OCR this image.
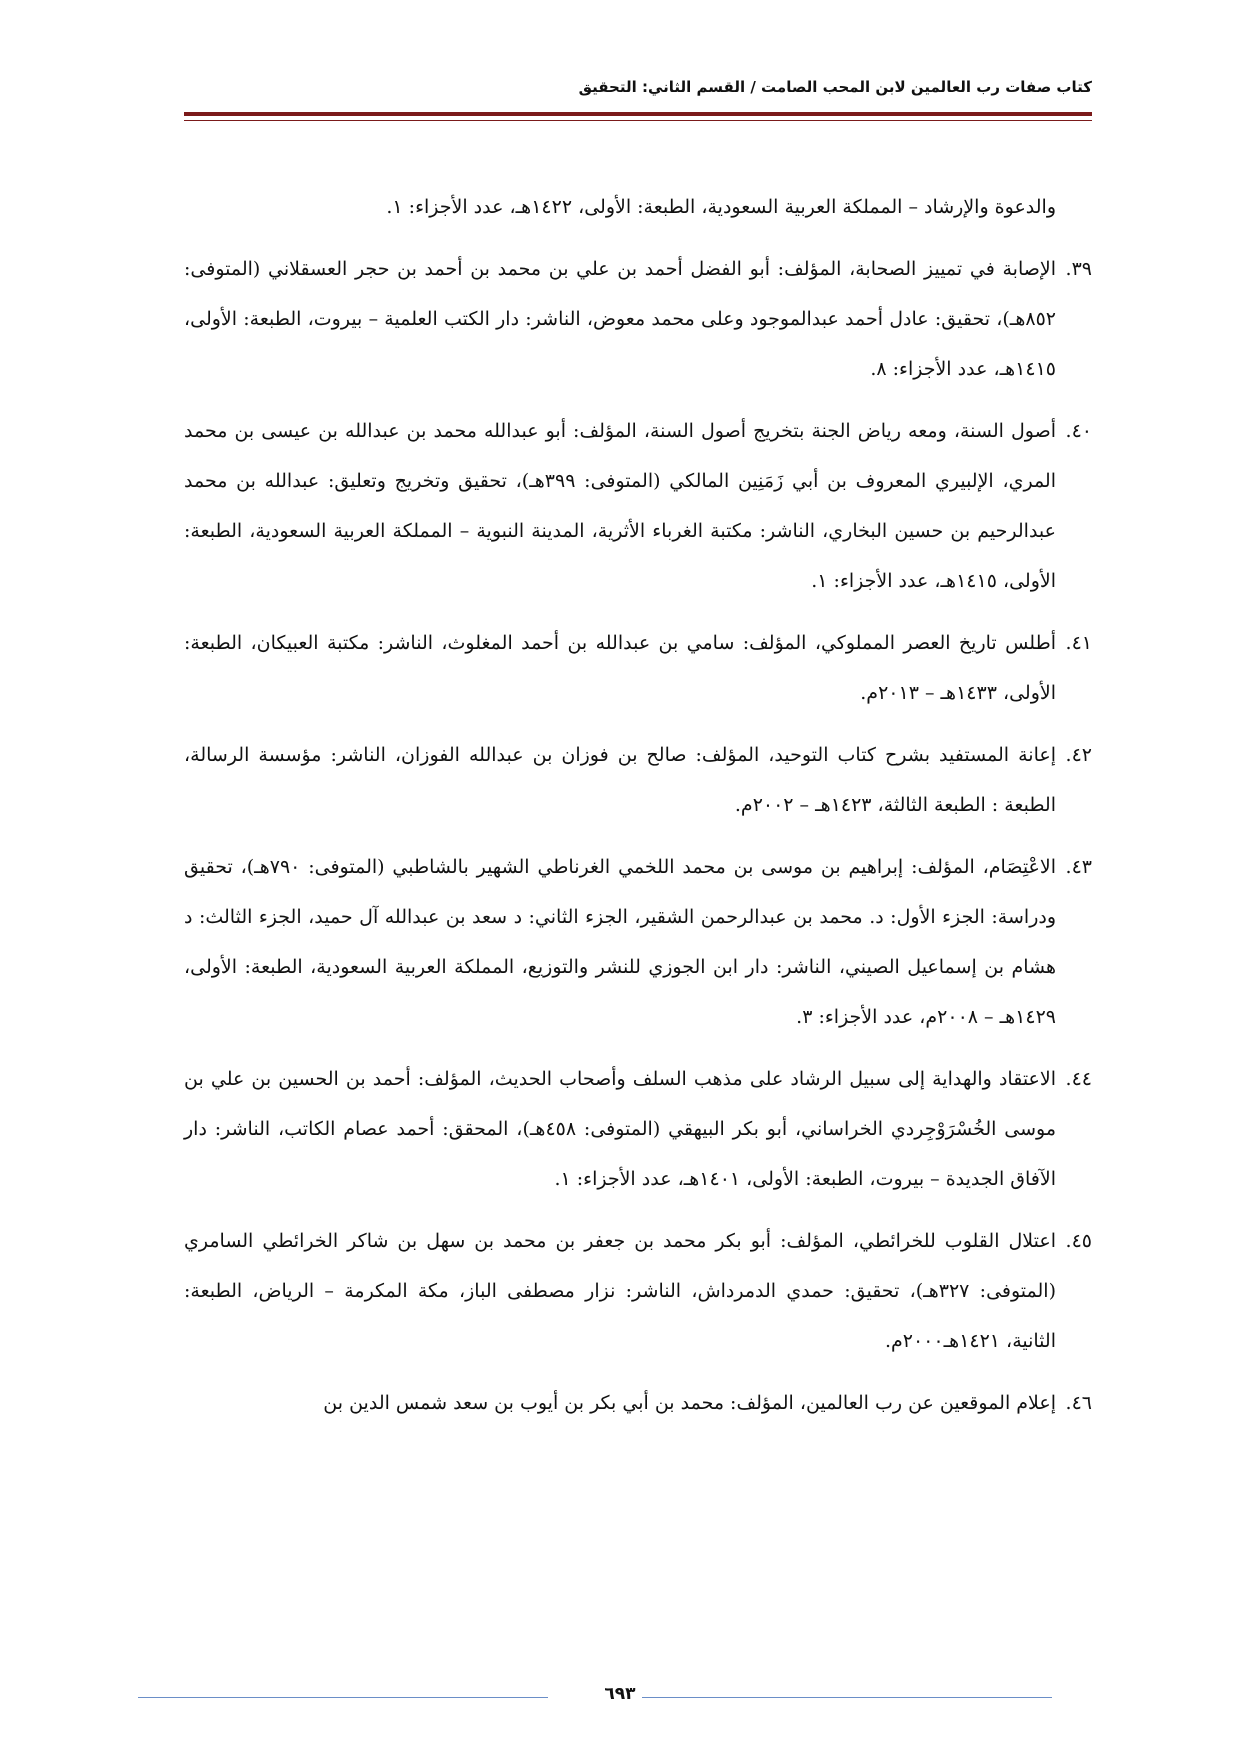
كتاب صفات رب العالمين لابن المحب الصامت / القسم الثاني: التحقيق
والدعوة والإرشاد – المملكة العربية السعودية، الطبعة: الأولى، ١٤٢٢هـ، عدد الأجزاء: ١.
٣٩.
الإصابة في تمييز الصحابة، المؤلف: أبو الفضل أحمد بن علي بن محمد بن أحمد بن حجر العسقلاني (المتوفى: ٨٥٢هـ)، تحقيق: عادل أحمد عبدالموجود وعلى محمد معوض، الناشر: دار الكتب العلمية – بيروت، الطبعة: الأولى، ١٤١٥هـ، عدد الأجزاء: ٨.
٤٠.
أصول السنة، ومعه رياض الجنة بتخريج أصول السنة، المؤلف: أبو عبدالله محمد بن عبدالله بن عيسى بن محمد المري، الإلبيري المعروف بن أبي زَمَنِين المالكي (المتوفى: ٣٩٩هـ)، تحقيق وتخريج وتعليق: عبدالله بن محمد عبدالرحيم بن حسين البخاري، الناشر: مكتبة الغرباء الأثرية، المدينة النبوية – المملكة العربية السعودية، الطبعة: الأولى، ١٤١٥هـ، عدد الأجزاء: ١.
٤١.
أطلس تاريخ العصر المملوكي، المؤلف: سامي بن عبدالله بن أحمد المغلوث، الناشر: مكتبة العبيكان، الطبعة: الأولى، ١٤٣٣هـ – ٢٠١٣م.
٤٢.
إعانة المستفيد بشرح كتاب التوحيد، المؤلف: صالح بن فوزان بن عبدالله الفوزان، الناشر: مؤسسة الرسالة، الطبعة : الطبعة الثالثة، ١٤٢٣هـ – ٢٠٠٢م.
٤٣.
الاعْتِصَام، المؤلف: إبراهيم بن موسى بن محمد اللخمي الغرناطي الشهير بالشاطبي (المتوفى: ٧٩٠هـ)، تحقيق ودراسة: الجزء الأول: د. محمد بن عبدالرحمن الشقير، الجزء الثاني: د سعد بن عبدالله آل حميد، الجزء الثالث: د هشام بن إسماعيل الصيني، الناشر: دار ابن الجوزي للنشر والتوزيع، المملكة العربية السعودية، الطبعة: الأولى، ١٤٢٩هـ – ٢٠٠٨م، عدد الأجزاء: ٣.
٤٤.
الاعتقاد والهداية إلى سبيل الرشاد على مذهب السلف وأصحاب الحديث، المؤلف: أحمد بن الحسين بن علي بن موسى الخُسْرَوْجِردي الخراساني، أبو بكر البيهقي (المتوفى: ٤٥٨هـ)، المحقق: أحمد عصام الكاتب، الناشر: دار الآفاق الجديدة – بيروت، الطبعة: الأولى، ١٤٠١هـ، عدد الأجزاء: ١.
٤٥.
اعتلال القلوب للخرائطي، المؤلف: أبو بكر محمد بن جعفر بن محمد بن سهل بن شاكر الخرائطي السامري (المتوفى: ٣٢٧هـ)، تحقيق: حمدي الدمرداش، الناشر: نزار مصطفى الباز، مكة المكرمة – الرياض، الطبعة: الثانية، ١٤٢١هـ٢٠٠٠م.
٤٦.
إعلام الموقعين عن رب العالمين، المؤلف: محمد بن أبي بكر بن أيوب بن سعد شمس الدين بن
٦٩٣
